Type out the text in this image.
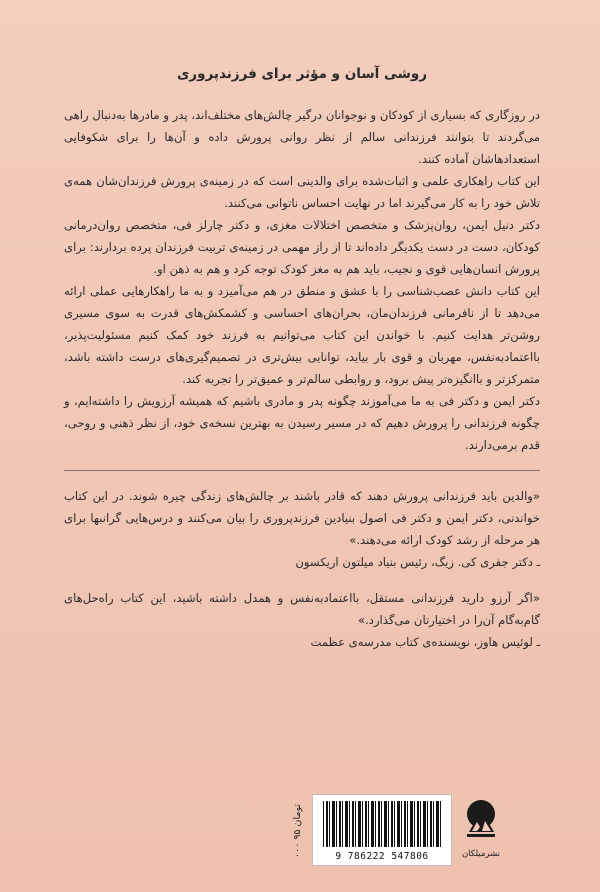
روشی آسان و مؤثر برای فرزندپروری

در روزگاری که بسیاری از کودکان و نوجوانان درگیر چالش‌های مختلف‌اند، پدر و مادرها به‌دنبال راهی می‌گردند تا بتوانند فرزندانی سالم از نظر روانی پرورش داده و آن‌ها را برای شکوفایی استعدادهاشان آماده کنند.

این کتاب راهکاری علمی و اثبات‌شده برای والدینی است که در زمینه‌ی پرورش فرزندان‌شان همه‌ی تلاش خود را به کار می‌گیرند اما در نهایت احساس ناتوانی می‌کنند.

دکتر دنیل ایمن، روان‌پزشک و متخصص اختلالات مغزی، و دکتر چارلز فی، متخصص روان‌درمانی کودکان، دست در دست یکدیگر داده‌اند تا از راز مهمی در زمینه‌ی تربیت فرزندان پرده بردارند: برای پرورش انسان‌هایی قوی و نجیب، باید هم به مغز کودک توجه کرد و هم به ذهن او.

این کتاب دانش عصب‌شناسی را با عشق و منطق در هم می‌آمیزد و به ما راهکارهایی عملی ارائه می‌دهد تا از نافرمانی فرزندان‌مان، بحران‌های احساسی و کشمکش‌های قدرت به سوی مسیری روشن‌تر هدایت کنیم. با خواندن این کتاب می‌توانیم به فرزند خود کمک کنیم مسئولیت‌پذیر، بااعتمادبه‌نفس، مهربان و قوی بار بیاید، توانایی بیش‌تری در تصمیم‌گیری‌های درست داشته باشد، متمرکزتر و باانگیزه‌تر پیش برود، و روابطی سالم‌تر و عمیق‌تر را تجربه کند.

دکتر ایمن و دکتر فی به ما می‌آموزند چگونه پدر و مادری باشیم که همیشه آرزویش را داشته‌ایم، و چگونه فرزندانی را پرورش دهیم که در مسیر رسیدن به بهترین نسخه‌ی خود، از نظر ذهنی و روحی، قدم برمی‌دارند.

«والدین باید فرزندانی پرورش دهند که قادر باشند بر چالش‌های زندگی چیره شوند. در این کتاب خواندنی، دکتر ایمن و دکتر فی اصول بنیادین فرزندپروری را بیان می‌کنند و درس‌هایی گرانبها برای هر مرحله از رشد کودک ارائه می‌دهند.»

ـ دکتر جفری کی. زیگ، رئیس بنیاد میلتون اریکسون

«اگر آرزو دارید فرزندانی مستقل، بااعتمادبه‌نفس و همدل داشته باشید، این کتاب راه‌حل‌های گام‌به‌گام آن‌را در اختیارتان می‌گذارد.»

ـ لوئیس هاوز، نویسنده‌ی کتاب مدرسه‌ی عظمت

۰۰۰ ۹۵ تومان
9 786222 547806	نشرمیلکان
